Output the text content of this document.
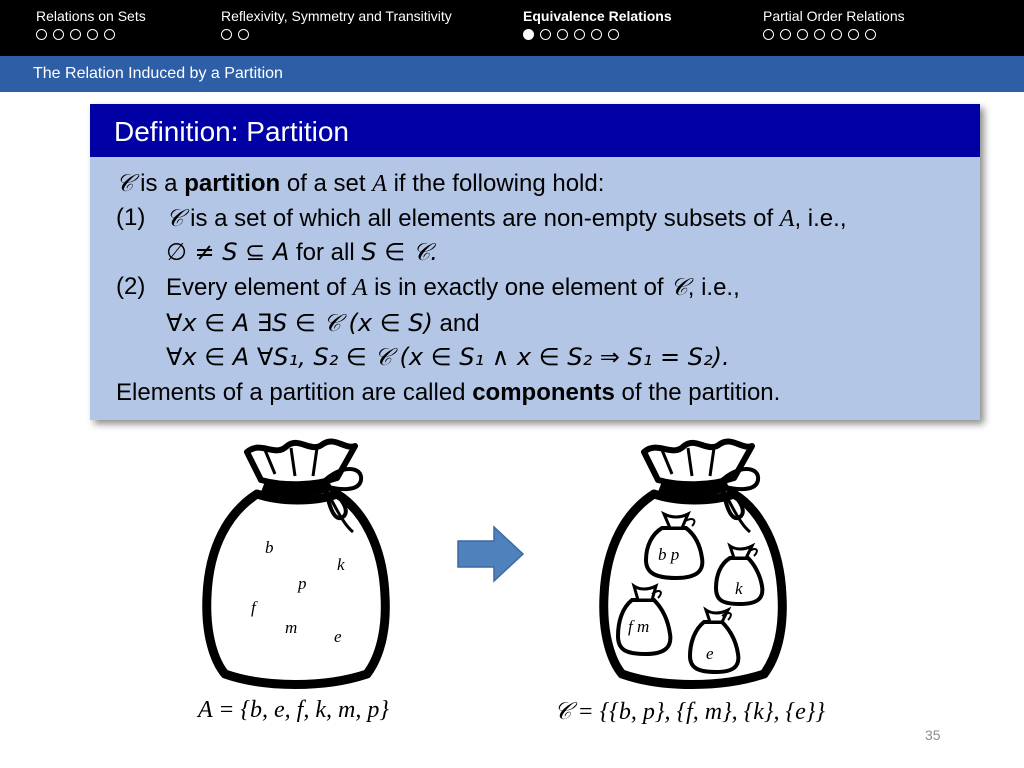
Relations on Sets	Reflexivity, Symmetry and Transitivity	Equivalence Relations	Partial Order Relations
The Relation Induced by a Partition
Definition: Partition
𝒞 is a partition of a set A if the following hold:
(1) 𝒞 is a set of which all elements are non-empty subsets of A, i.e.,
∅ ≠ S ⊆ A for all S ∈ 𝒞.
(2) Every element of A is in exactly one element of 𝒞, i.e.,
∀x ∈ A ∃S ∈ 𝒞 (x ∈ S) and
∀x ∈ A ∀S₁, S₂ ∈ 𝒞 (x ∈ S₁ ∧ x ∈ S₂ ⇒ S₁ = S₂).
Elements of a partition are called components of the partition.
b
k
p
f
m e
b p
k
f m
e
A = {b, e, f, k, m, p}	𝒞 = {{b, p}, {f, m}, {k}, {e}}
35
